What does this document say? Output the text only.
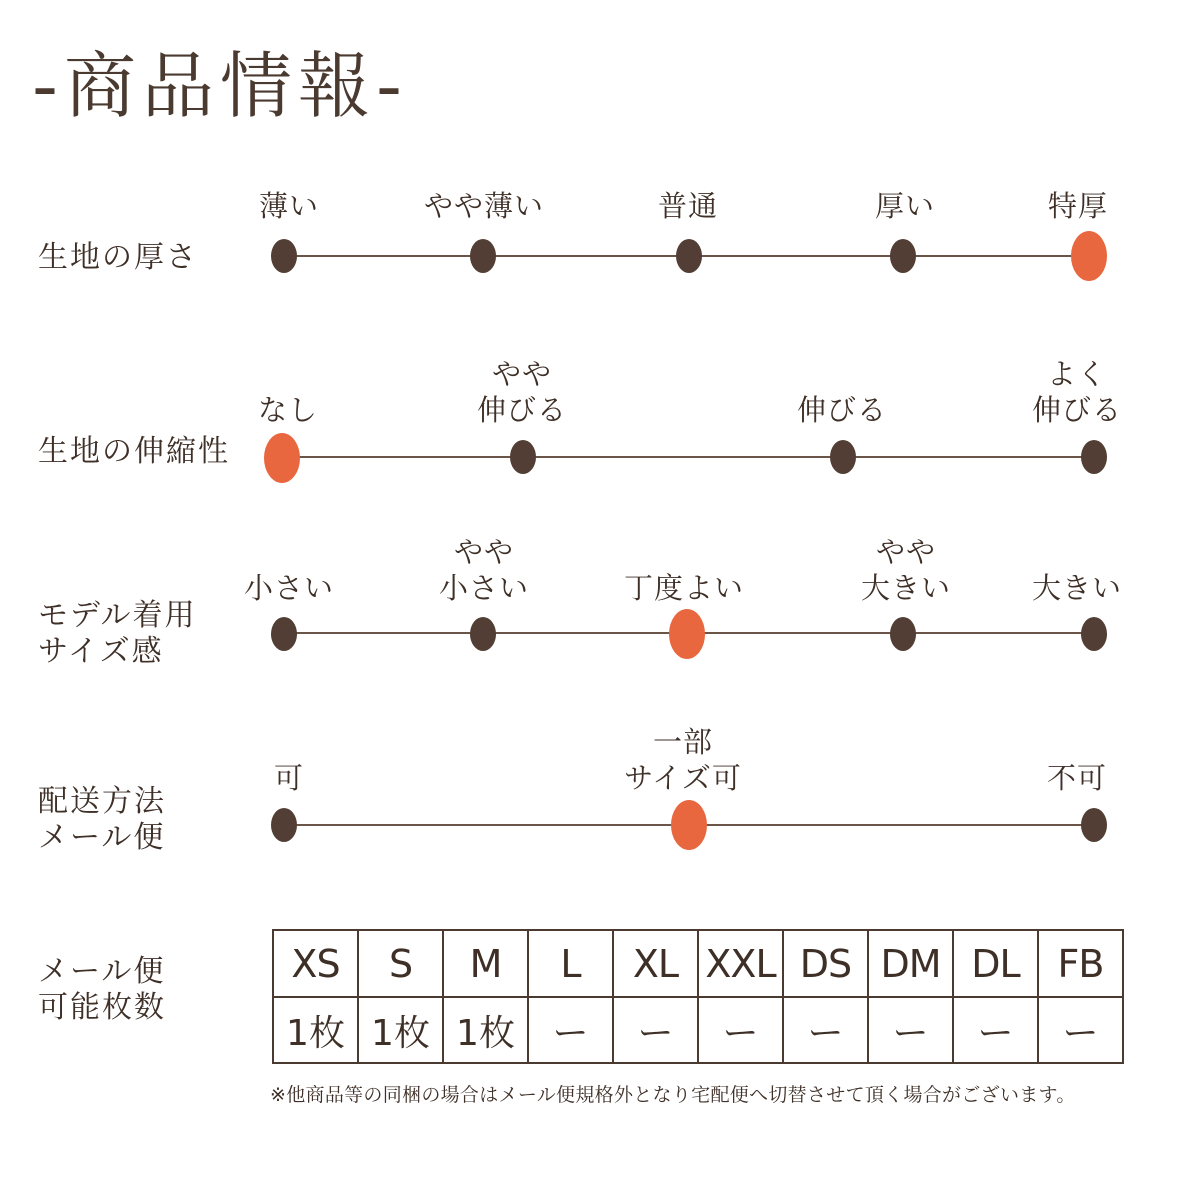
-商品情報-
生地の厚さ
薄い	やや薄い	普通	厚い	特厚
生地の伸縮性
なし
やや
伸びる	伸びる
よく
伸びる
モデル着用
サイズ感
小さい
やや
小さい	丁度よい
やや
大きい	大きい
配送方法
メール便
可
一部
サイズ可	不可
メール便
可能枚数
XS	S	M	L	XL	XXL	DS	DM	DL	FB
1枚	1枚	1枚	ー	ー	ー	ー	ー	ー	ー
※他商品等の同梱の場合はメール便規格外となり宅配便へ切替させて頂く場合がございます。
